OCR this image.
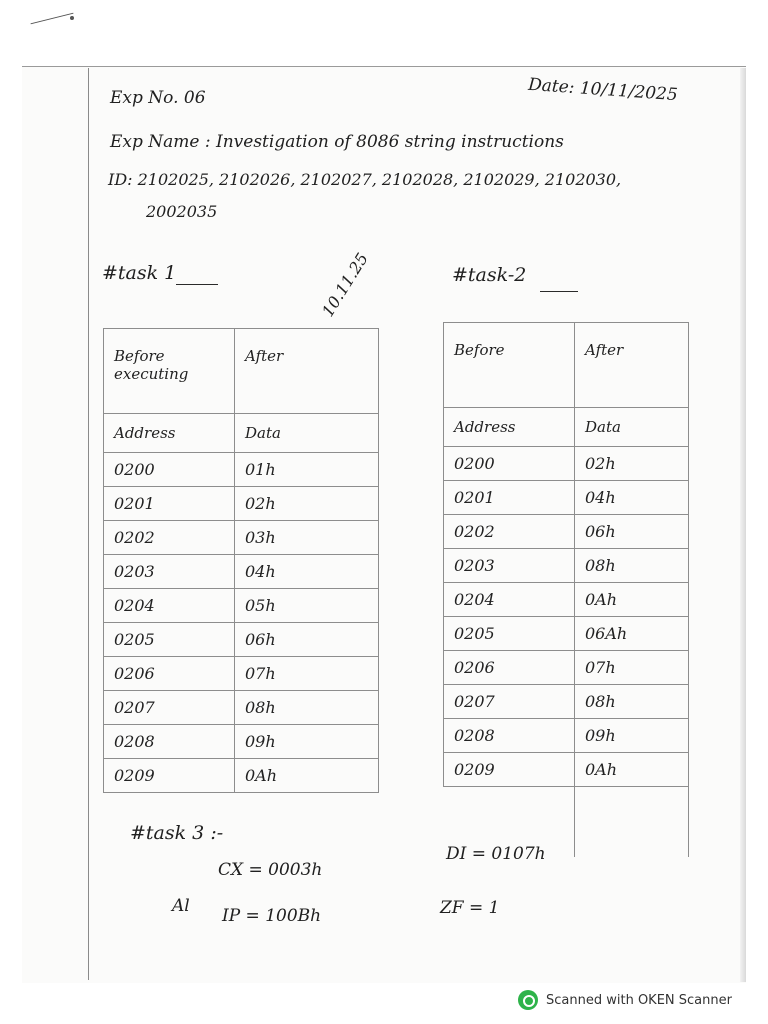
Exp No. 06	Date: 10/11/2025
Exp Name : Investigation of 8086 string instructions
ID: 2102025, 2102026, 2102027, 2102028, 2102029, 2102030,
2002035
10.11.25
#task 1	#task-2
Before executing	After
Address	Data
0200	01h
0201	02h
0202	03h
0203	04h
0204	05h
0205	06h
0206	07h
0207	08h
0208	09h
0209	0Ah
Before	After
Address	Data
0200	02h
0201	04h
0202	06h
0203	08h
0204	0Ah
0205	06Ah
0206	07h
0207	08h
0208	09h
0209	0Ah

#task 3 :-
CX = 0003h
Al IP = 100Bh
DI = 0107h
ZF = 1
Scanned with OKEN Scanner
